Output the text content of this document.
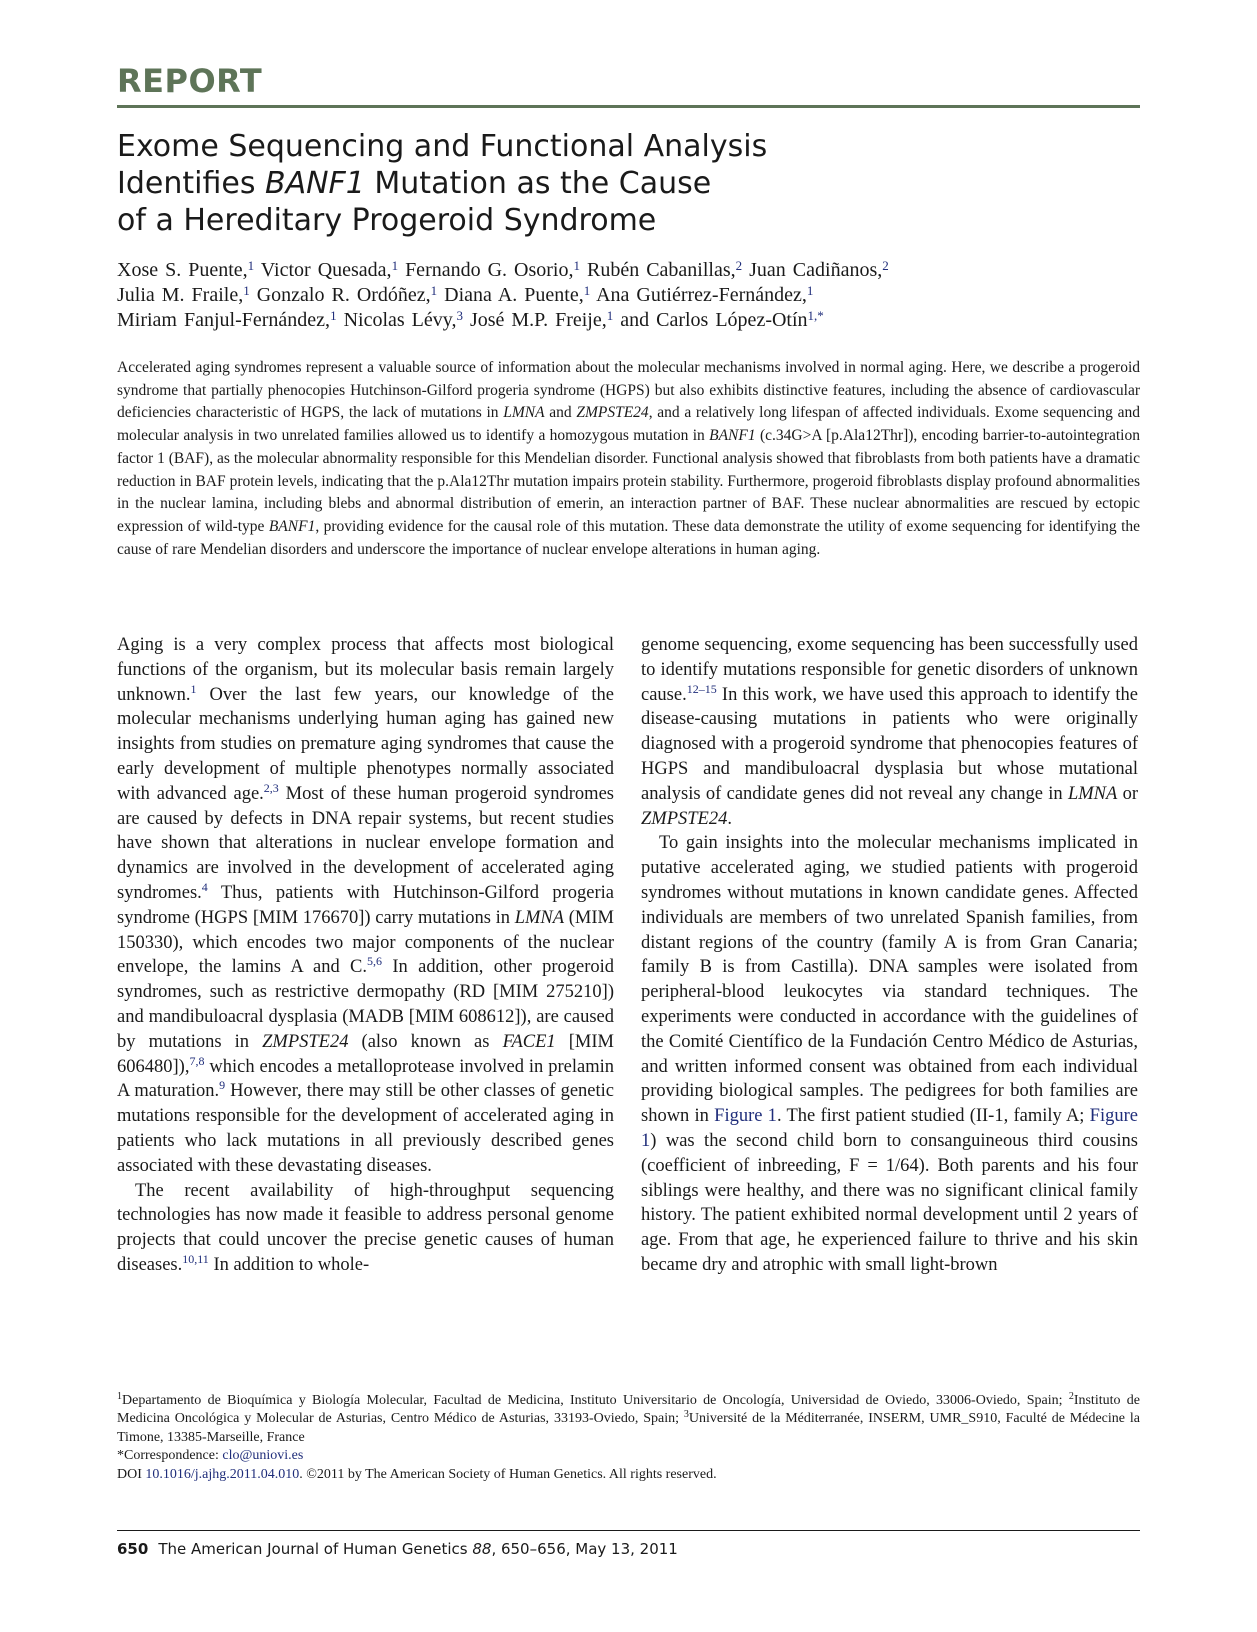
REPORT
Exome Sequencing and Functional Analysis
Identifies BANF1 Mutation as the Cause
of a Hereditary Progeroid Syndrome
Xose S. Puente,$^1$ Victor Quesada,$^1$ Fernando G. Osorio,$^1$ Rubén Cabanillas,$^2$ Juan Cadiñanos,$^2$
Julia M. Fraile,$^1$ Gonzalo R. Ordóñez,$^1$ Diana A. Puente,$^1$ Ana Gutiérrez-Fernández,$^1$
Miriam Fanjul-Fernández,$^1$ Nicolas Lévy,$^3$ José M.P. Freije,$^1$ and Carlos López-Otín$^{1,*}$

Accelerated aging syndromes represent a valuable source of information about the molecular mechanisms involved in normal aging. Here, we describe a progeroid syndrome that partially phenocopies Hutchinson-Gilford progeria syndrome (HGPS) but also exhibits distinctive features, including the absence of cardiovascular deficiencies characteristic of HGPS, the lack of mutations in LMNA and ZMPSTE24, and a relatively long lifespan of affected individuals. Exome sequencing and molecular analysis in two unrelated families allowed us to identify a homozygous mutation in BANF1 (c.34G>A [p.Ala12Thr]), encoding barrier-to-autointegration factor 1 (BAF), as the molecular abnormality responsible for this Mendelian disorder. Functional analysis showed that fibroblasts from both patients have a dramatic reduction in BAF protein levels, indicating that the p.Ala12Thr mutation impairs protein stability. Furthermore, progeroid fibroblasts display profound abnormalities in the nuclear lamina, including blebs and abnormal distribution of emerin, an interaction partner of BAF. These nuclear abnormalities are rescued by ectopic expression of wild-type BANF1, providing evidence for the causal role of this mutation. These data demonstrate the utility of exome sequencing for identifying the cause of rare Mendelian disorders and underscore the importance of nuclear envelope alterations in human aging.

Aging is a very complex process that affects most biological functions of the organism, but its molecular basis remain largely unknown.$^1$ Over the last few years, our knowledge of the molecular mechanisms underlying human aging has gained new insights from studies on premature aging syndromes that cause the early development of multiple phenotypes normally associated with advanced age.$^{2,3}$ Most of these human progeroid syndromes are caused by defects in DNA repair systems, but recent studies have shown that alterations in nuclear envelope formation and dynamics are involved in the development of accelerated aging syndromes.$^4$ Thus, patients with Hutchinson-Gilford progeria syndrome (HGPS [MIM 176670]) carry mutations in LMNA (MIM 150330), which encodes two major components of the nuclear envelope, the lamins A and C.$^{5,6}$ In addition, other progeroid syndromes, such as restrictive dermopathy (RD [MIM 275210]) and mandibuloacral dysplasia (MADB [MIM 608612]), are caused by mutations in ZMPSTE24 (also known as FACE1 [MIM 606480]),$^{7,8}$ which encodes a metalloprotease involved in prelamin A maturation.$^9$ However, there may still be other classes of genetic mutations responsible for the development of accelerated aging in patients who lack mutations in all previously described genes associated with these devastating diseases.

The recent availability of high-throughput sequencing technologies has now made it feasible to address personal genome projects that could uncover the precise genetic causes of human diseases.$^{10,11}$ In addition to whole-

genome sequencing, exome sequencing has been successfully used to identify mutations responsible for genetic disorders of unknown cause.$^{12-15}$ In this work, we have used this approach to identify the disease-causing mutations in patients who were originally diagnosed with a progeroid syndrome that phenocopies features of HGPS and mandibuloacral dysplasia but whose mutational analysis of candidate genes did not reveal any change in LMNA or ZMPSTE24.

To gain insights into the molecular mechanisms implicated in putative accelerated aging, we studied patients with progeroid syndromes without mutations in known candidate genes. Affected individuals are members of two unrelated Spanish families, from distant regions of the country (family A is from Gran Canaria; family B is from Castilla). DNA samples were isolated from peripheral-blood leukocytes via standard techniques. The experiments were conducted in accordance with the guidelines of the Comité Científico de la Fundación Centro Médico de Asturias, and written informed consent was obtained from each individual providing biological samples. The pedigrees for both families are shown in Figure 1. The first patient studied (II-1, family A; Figure 1) was the second child born to consanguineous third cousins (coefficient of inbreeding, F = 1/64). Both parents and his four siblings were healthy, and there was no significant clinical family history. The patient exhibited normal development until 2 years of age. From that age, he experienced failure to thrive and his skin became dry and atrophic with small light-brown

$^1$Departamento de Bioquímica y Biología Molecular, Facultad de Medicina, Instituto Universitario de Oncología, Universidad de Oviedo, 33006-Oviedo, Spain; $^2$Instituto de Medicina Oncológica y Molecular de Asturias, Centro Médico de Asturias, 33193-Oviedo, Spain; $^3$Université de la Méditerranée, INSERM, UMR_S910, Faculté de Médecine la Timone, 13385-Marseille, France

*Correspondence: clo@uniovi.es

DOI 10.1016/j.ajhg.2011.04.010. ©2011 by The American Society of Human Genetics. All rights reserved.

650 The American Journal of Human Genetics 88, 650–656, May 13, 2011
